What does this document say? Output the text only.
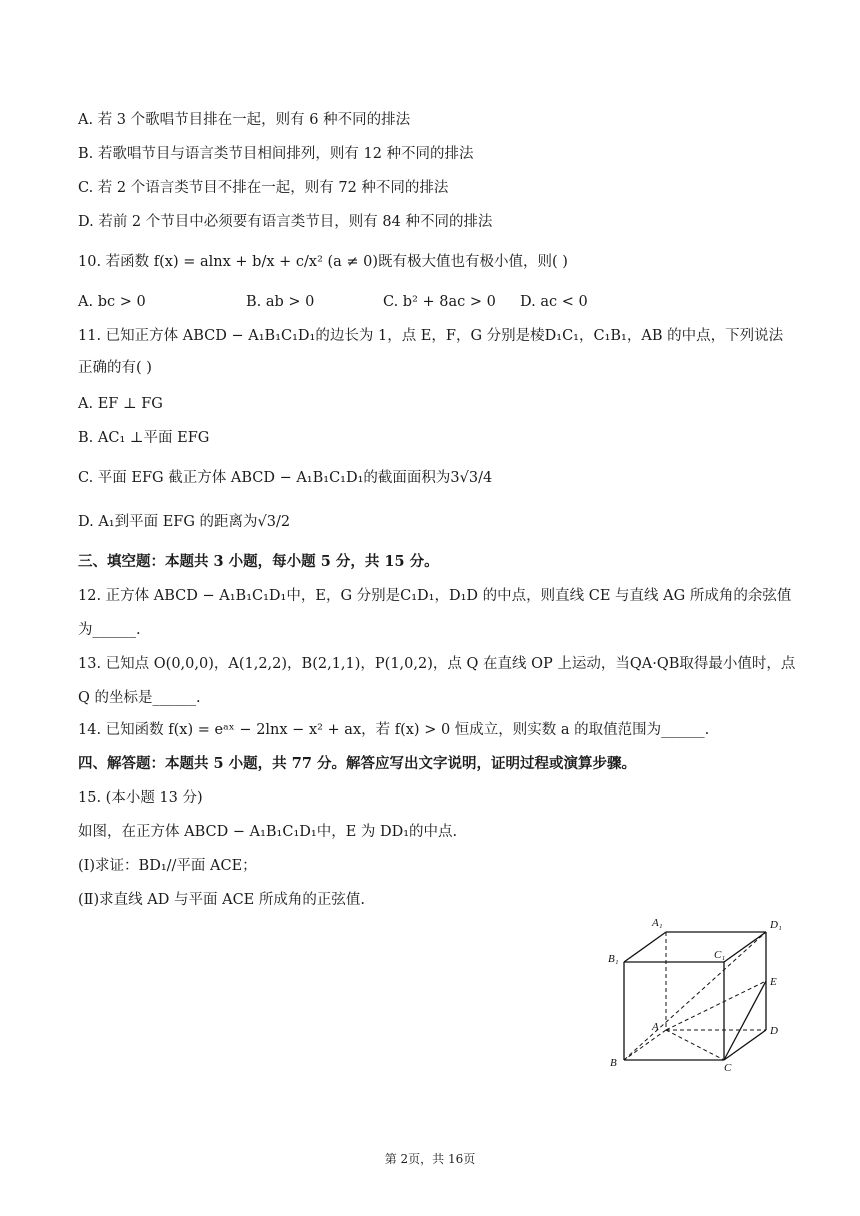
A. 若 3 个歌唱节目排在一起，则有 6 种不同的排法
B. 若歌唱节目与语言类节目相间排列，则有 12 种不同的排法
C. 若 2 个语言类节目不排在一起，则有 72 种不同的排法
D. 若前 2 个节目中必须要有语言类节目，则有 84 种不同的排法
10. 若函数 f(x) = alnx + b/x + c/x² (a ≠ 0)既有极大值也有极小值，则( )
A. bc > 0	B. ab > 0	C. b² + 8ac > 0 D. ac < 0
11. 已知正方体 ABCD − A₁B₁C₁D₁的边长为 1，点 E，F，G 分别是棱D₁C₁，C₁B₁，AB 的中点，下列说法
正确的有( )
A. EF ⊥ FG
B. AC₁ ⊥平面 EFG
C. 平面 EFG 截正方体 ABCD − A₁B₁C₁D₁的截面面积为3√3/4
D. A₁到平面 EFG 的距离为√3/2
三、填空题：本题共 3 小题，每小题 5 分，共 15 分。
12. 正方体 ABCD − A₁B₁C₁D₁中，E，G 分别是C₁D₁，D₁D 的中点，则直线 CE 与直线 AG 所成角的余弦值
为______.
13. 已知点 O(0,0,0)，A(1,2,2)，B(2,1,1)，P(1,0,2)，点 Q 在直线 OP 上运动，当QA·QB取得最小值时，点
Q 的坐标是______.
14. 已知函数 f(x) = eᵃˣ − 2lnx − x² + ax，若 f(x) > 0 恒成立，则实数 a 的取值范围为______.
四、解答题：本题共 5 小题，共 77 分。解答应写出文字说明，证明过程或演算步骤。
15. (本小题 13 分)
如图，在正方体 ABCD − A₁B₁C₁D₁中，E 为 DD₁的中点.
(Ⅰ)求证：BD₁//平面 ACE；
(Ⅱ)求直线 AD 与平面 ACE 所成角的正弦值.
A₁	D₁
B₁	C₁
E
A	D
B	C
第 2页，共 16页
